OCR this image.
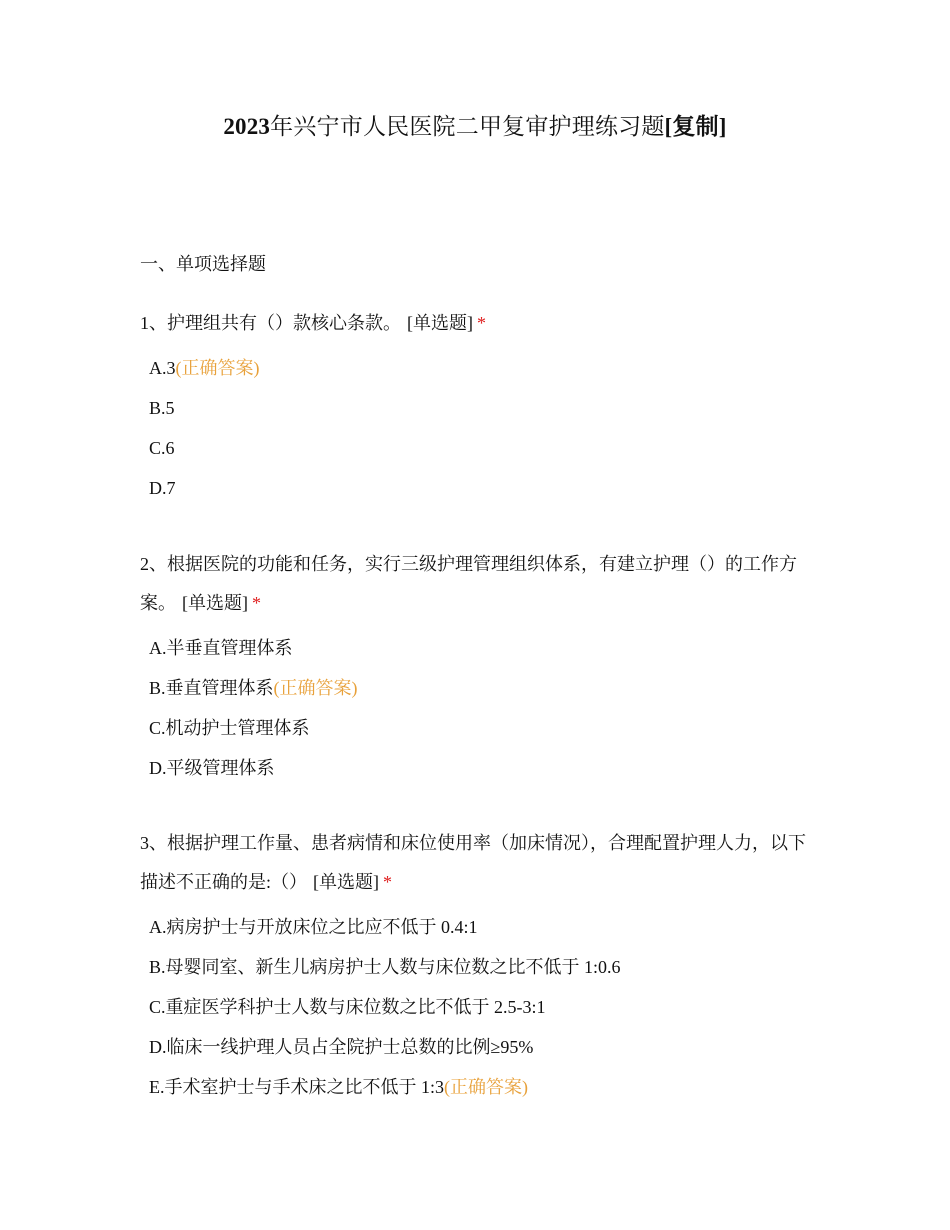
2023年兴宁市人民医院二甲复审护理练习题[复制]
一、单项选择题

1、护理组共有（）款核心条款。 [单选题] *

A.3(正确答案)
B.5
C.6
D.7

2、根据医院的功能和任务，实行三级护理管理组织体系，有建立护理（）的工作方案。 [单选题] *

A.半垂直管理体系
B.垂直管理体系(正确答案)
C.机动护士管理体系
D.平级管理体系

3、根据护理工作量、患者病情和床位使用率（加床情况），合理配置护理人力，以下描述不正确的是:（） [单选题] *

A.病房护士与开放床位之比应不低于 0.4:1
B.母婴同室、新生儿病房护士人数与床位数之比不低于 1:0.6
C.重症医学科护士人数与床位数之比不低于 2.5-3:1
D.临床一线护理人员占全院护士总数的比例≥95%
E.手术室护士与手术床之比不低于 1:3(正确答案)
